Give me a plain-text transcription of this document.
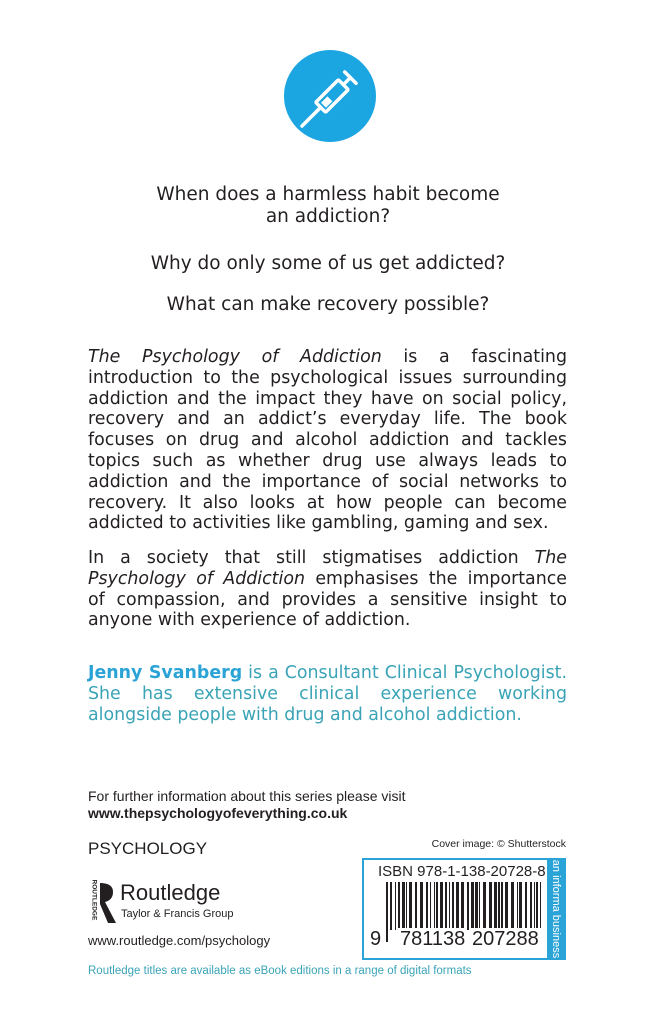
When does a harmless habit become
an addiction?
Why do only some of us get addicted?
What can make recovery possible?
The Psychology of Addiction is a fascinating
introduction to the psychological issues surrounding
addiction and the impact they have on social policy,
recovery and an addict’s everyday life. The book
focuses on drug and alcohol addiction and tackles
topics such as whether drug use always leads to
addiction and the importance of social networks to
recovery. It also looks at how people can become
addicted to activities like gambling, gaming and sex.
In a society that still stigmatises addiction The
Psychology of Addiction emphasises the importance
of compassion, and provides a sensitive insight to
anyone with experience of addiction.
Jenny Svanberg is a Consultant Clinical Psychologist.
She has extensive clinical experience working
alongside people with drug and alcohol addiction.
For further information about this series please visit
www.thepsychologyofeverything.co.uk
PSYCHOLOGY	Cover image: © Shutterstock
ROUTLEDGE Routledge
Taylor & Francis Group
www.routledge.com/psychology
ISBN 978-1-138-20728-8
9 781138 207288 an informa business
Routledge titles are available as eBook editions in a range of digital formats
